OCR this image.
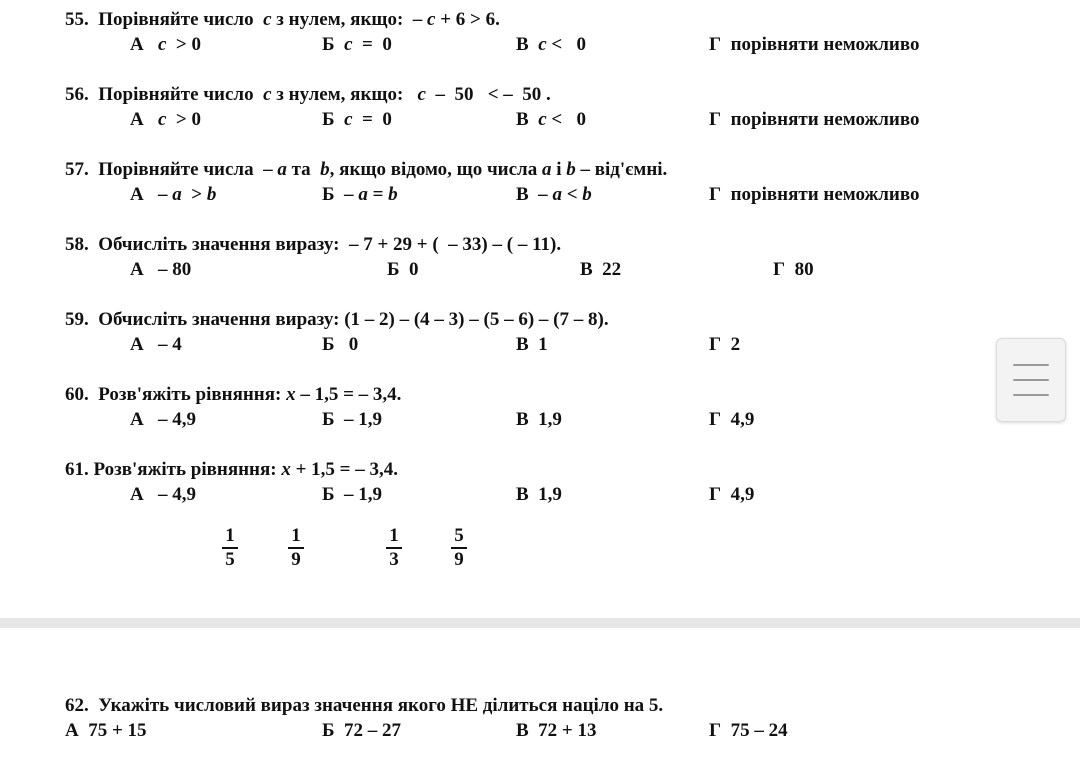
55.  Порівняйте число  c з нулем, якщо:  – c + 6 > 6.
А   c  > 0	Б  c  =  0	В  c <   0	Г  порівняти неможливо
56.  Порівняйте число  c з нулем, якщо:   c  –  50   < –  50 .
А   c  > 0	Б  c  =  0	В  c <   0	Г  порівняти неможливо
57.  Порівняйте числа  – a та  b, якщо відомо, що числа a і b – від'ємні.
А   – a  > b	Б  – a = b	В  – a < b	Г  порівняти неможливо
58.  Обчисліть значення виразу:  – 7 + 29 + (  – 33) – ( – 11).
А   – 80	Б  0	В  22	Г  80
59.  Обчисліть значення виразу: (1 – 2) – (4 – 3) – (5 – 6) – (7 – 8).
А   – 4	Б   0	В  1	Г  2
60.  Розв'яжіть рівняння: x – 1,5 = – 3,4.
А   – 4,9	Б  – 1,9	В  1,9	Г  4,9
61. Розв'яжіть рівняння: x + 1,5 = – 3,4.
А   – 4,9	Б  – 1,9	В  1,9	Г  4,9
1
5
1
9
1
3
5
9
62.  Укажіть числовий вираз значення якого НЕ ділиться націло на 5.
А  75 + 15	Б  72 – 27	В  72 + 13	Г  75 – 24
